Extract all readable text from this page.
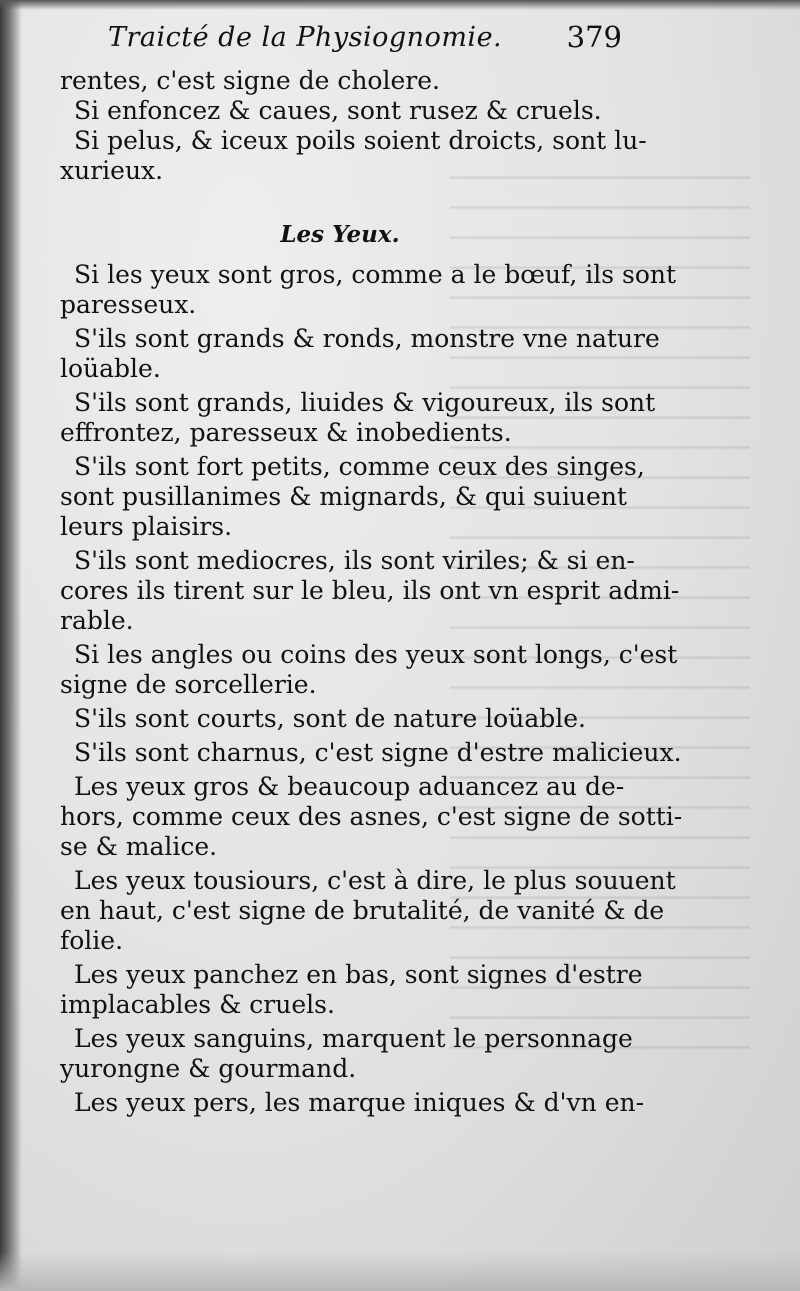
Traicté de la Physiognomie. 379
rentes, c'est signe de cholere.
Si enfoncez & caues, sont rusez & cruels.
Si pelus, & iceux poils soient droicts, sont lu-
xurieux.
Les Yeux.
Si les yeux sont gros, comme a le bœuf, ils sont
paresseux.
S'ils sont grands & ronds, monstre vne nature
loüable.
S'ils sont grands, liuides & vigoureux, ils sont
effrontez, paresseux & inobedients.
S'ils sont fort petits, comme ceux des singes,
sont pusillanimes & mignards, & qui suiuent
leurs plaisirs.
S'ils sont mediocres, ils sont viriles; & si en-
cores ils tirent sur le bleu, ils ont vn esprit admi-
rable.
Si les angles ou coins des yeux sont longs, c'est
signe de sorcellerie.
S'ils sont courts, sont de nature loüable.
S'ils sont charnus, c'est signe d'estre malicieux.
Les yeux gros & beaucoup aduancez au de-
hors, comme ceux des asnes, c'est signe de sotti-
se & malice.
Les yeux tousiours, c'est à dire, le plus souuent
en haut, c'est signe de brutalité, de vanité & de
folie.
Les yeux panchez en bas, sont signes d'estre
implacables & cruels.
Les yeux sanguins, marquent le personnage
yurongne & gourmand.
Les yeux pers, les marque iniques & d'vn en-
